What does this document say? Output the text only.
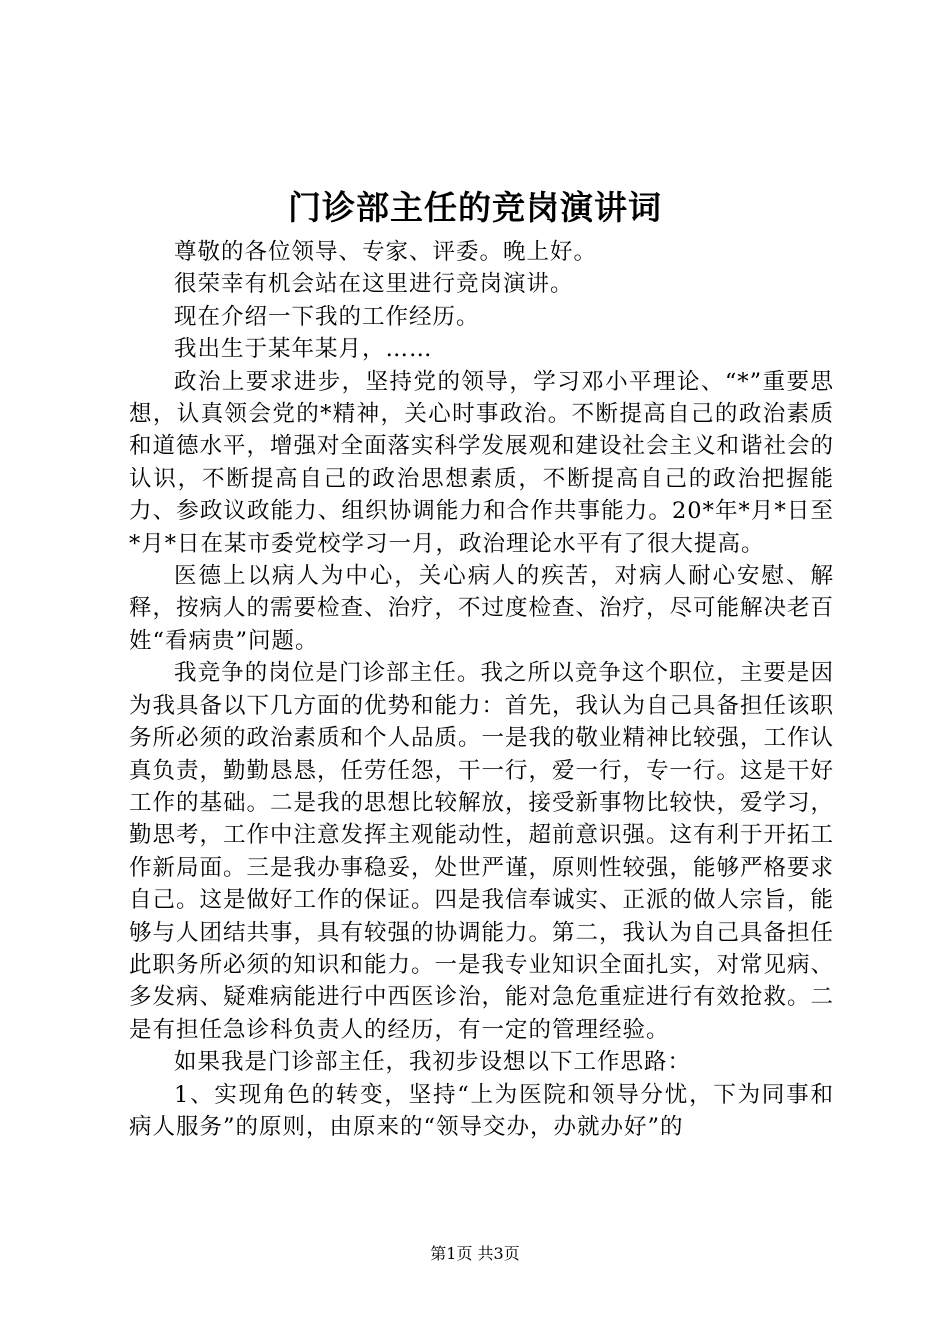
门诊部主任的竞岗演讲词

尊敬的各位领导、专家、评委。晚上好。

很荣幸有机会站在这里进行竞岗演讲。

现在介绍一下我的工作经历。

我出生于某年某月，……

政治上要求进步，坚持党的领导，学习邓小平理论、“*”重要思想，认真领会党的*精神，关心时事政治。不断提高自己的政治素质和道德水平，增强对全面落实科学发展观和建设社会主义和谐社会的认识，不断提高自己的政治思想素质，不断提高自己的政治把握能力、参政议政能力、组织协调能力和合作共事能力。20*年*月*日至*月*日在某市委党校学习一月，政治理论水平有了很大提高。

医德上以病人为中心，关心病人的疾苦，对病人耐心安慰、解释，按病人的需要检查、治疗，不过度检查、治疗，尽可能解决老百姓“看病贵”问题。

我竞争的岗位是门诊部主任。我之所以竞争这个职位，主要是因为我具备以下几方面的优势和能力：首先，我认为自己具备担任该职务所必须的政治素质和个人品质。一是我的敬业精神比较强，工作认真负责，勤勤恳恳，任劳任怨，干一行，爱一行，专一行。这是干好工作的基础。二是我的思想比较解放，接受新事物比较快，爱学习，勤思考，工作中注意发挥主观能动性，超前意识强。这有利于开拓工作新局面。三是我办事稳妥，处世严谨，原则性较强，能够严格要求自己。这是做好工作的保证。四是我信奉诚实、正派的做人宗旨，能够与人团结共事，具有较强的协调能力。第二，我认为自己具备担任此职务所必须的知识和能力。一是我专业知识全面扎实，对常见病、多发病、疑难病能进行中西医诊治，能对急危重症进行有效抢救。二是有担任急诊科负责人的经历，有一定的管理经验。

如果我是门诊部主任，我初步设想以下工作思路：

1、实现角色的转变，坚持“上为医院和领导分忧，下为同事和病人服务”的原则，由原来的“领导交办，办就办好”的

第1页 共3页
